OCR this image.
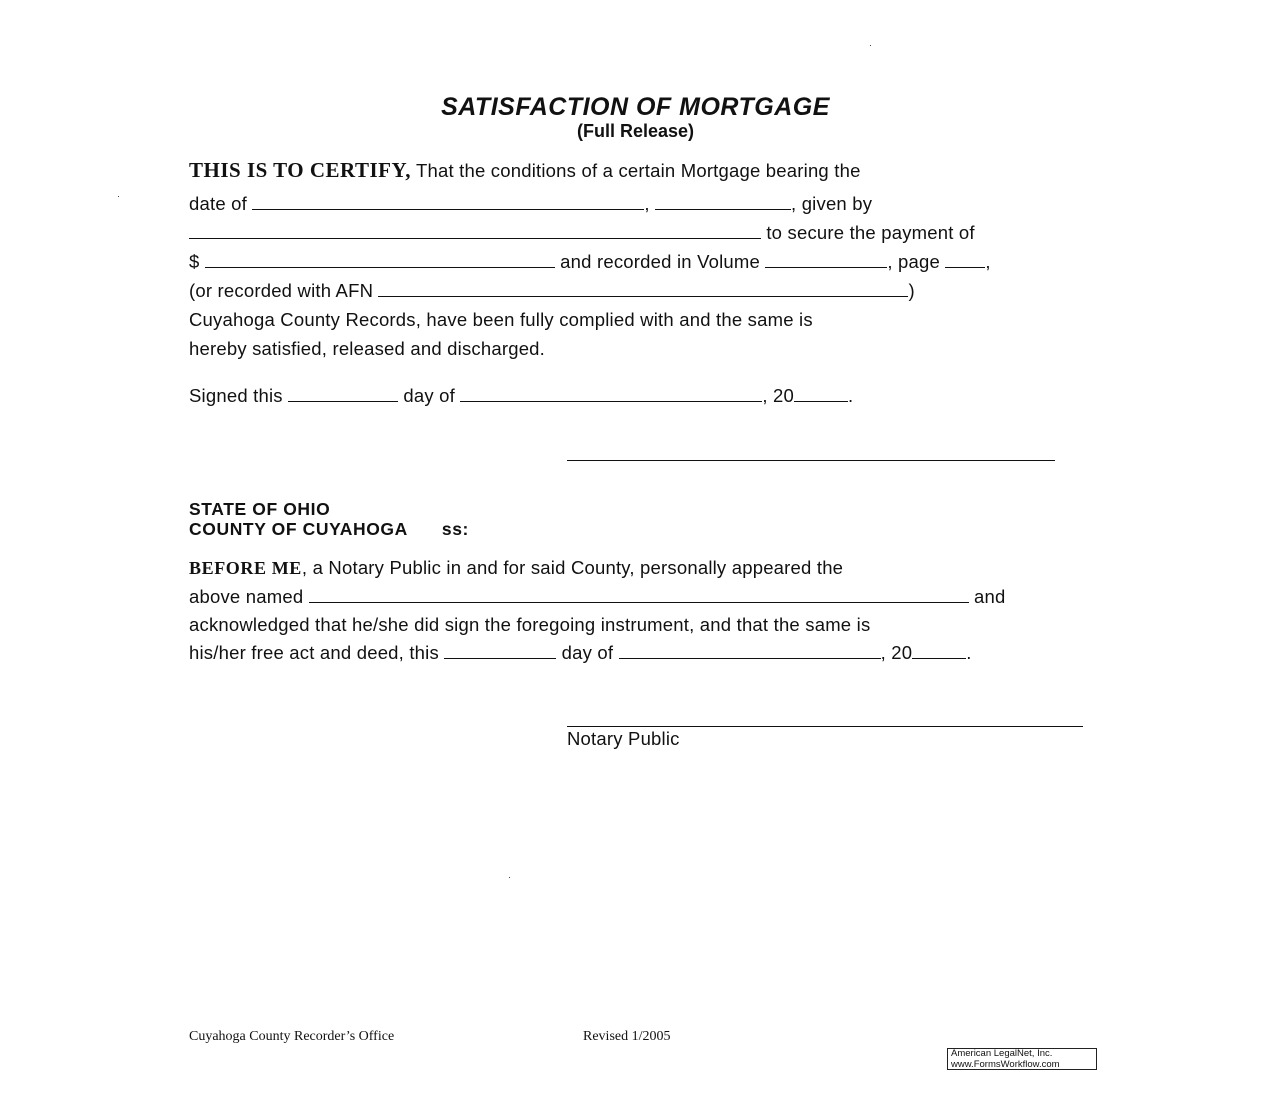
SATISFACTION OF MORTGAGE
(Full Release)
THIS IS TO CERTIFY, That the conditions of a certain Mortgage bearing the
date of	,	, given by
to secure the payment of
$	and recorded in Volume	, page ,
(or recorded with AFN	)
Cuyahoga County Records, have been fully complied with and the same is
hereby satisfied, released and discharged.
Signed this	day of	, 20	.
STATE OF OHIO
COUNTY OF CUYAHOGA ss:
BEFORE ME, a Notary Public in and for said County, personally appeared the
above named	and
acknowledged that he/she did sign the foregoing instrument, and that the same is
his/her free act and deed, this	day of	, 20	.
Notary Public
Cuyahoga County Recorder’s Office	Revised 1/2005
American LegalNet, Inc.
www.FormsWorkflow.com
